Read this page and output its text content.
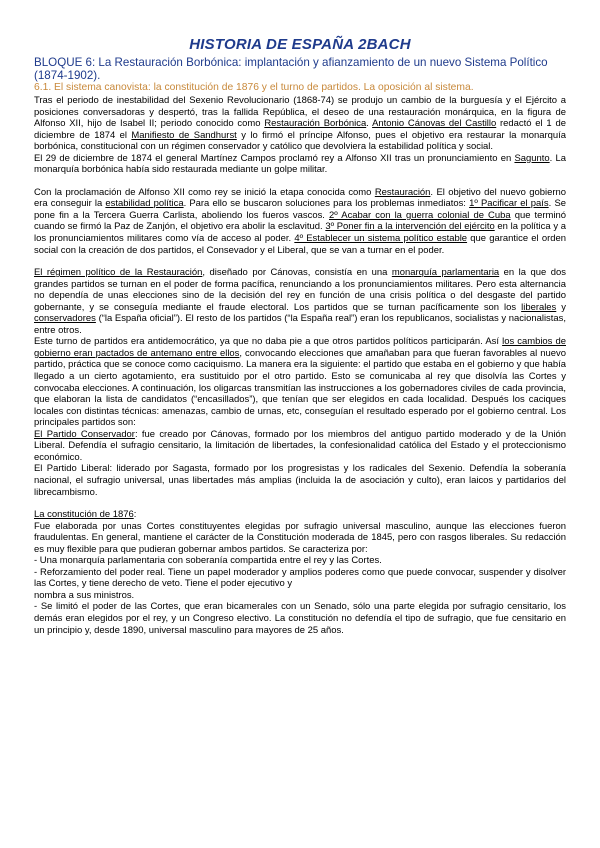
HISTORIA DE ESPAÑA 2BACH
BLOQUE 6: La Restauración Borbónica: implantación y afianzamiento de un nuevo Sistema Político (1874-1902).
6.1. El sistema canovista: la constitución de 1876 y el turno de partidos. La oposición al sistema.

Tras el periodo de inestabilidad del Sexenio Revolucionario (1868-74) se produjo un cambio de la burguesía y el Ejército a posiciones conversadoras y despertó, tras la fallida República, el deseo de una restauración monárquica, en la figura de Alfonso XII, hijo de Isabel II; periodo conocido como Restauración Borbónica. Antonio Cánovas del Castillo redactó el 1 de diciembre de 1874 el Manifiesto de Sandhurst y lo firmó el príncipe Alfonso, pues el objetivo era restaurar la monarquía borbónica, constitucional con un régimen conservador y católico que devolviera la estabilidad política y social.

El 29 de diciembre de 1874 el general Martínez Campos proclamó rey a Alfonso XII tras un pronunciamiento en Sagunto. La monarquía borbónica había sido restaurada mediante un golpe militar.

Con la proclamación de Alfonso XII como rey se inició la etapa conocida como Restauración. El objetivo del nuevo gobierno era conseguir la estabilidad política. Para ello se buscaron soluciones para los problemas inmediatos: 1º Pacificar el país. Se pone fin a la Tercera Guerra Carlista, aboliendo los fueros vascos. 2º Acabar con la guerra colonial de Cuba que terminó cuando se firmó la Paz de Zanjón, el objetivo era abolir la esclavitud. 3º Poner fin a la intervención del ejército en la política y a los pronunciamientos militares como vía de acceso al poder. 4º Establecer un sistema político estable que garantice el orden social con la creación de dos partidos, el Consevador y el Liberal, que se van a turnar en el poder.

El régimen político de la Restauración, diseñado por Cánovas, consistía en una monarquía parlamentaria en la que dos grandes partidos se turnan en el poder de forma pacífica, renunciando a los pronunciamientos militares. Pero esta alternancia no dependía de unas elecciones sino de la decisión del rey en función de una crisis política o del desgaste del partido gobernante, y se conseguía mediante el fraude electoral. Los partidos que se turnan pacíficamente son los liberales y conservadores (“la España oficial”). El resto de los partidos (“la España real”) eran los republicanos, socialistas y nacionalistas, entre otros.

Este turno de partidos era antidemocrático, ya que no daba pie a que otros partidos políticos participarán. Así los cambios de gobierno eran pactados de antemano entre ellos, convocando elecciones que amañaban para que fueran favorables al nuevo partido, práctica que se conoce como caciquismo. La manera era la siguiente: el partido que estaba en el gobierno y que había llegado a un cierto agotamiento, era sustituido por el otro partido. Esto se comunicaba al rey que disolvía las Cortes y convocaba elecciones. A continuación, los oligarcas transmitían las instrucciones a los gobernadores civiles de cada provincia, que elaboran la lista de candidatos (“encasillados”), que tenían que ser elegidos en cada localidad. Después los caciques locales con distintas técnicas: amenazas, cambio de urnas, etc, conseguían el resultado esperado por el gobierno central. Los principales partidos son:

El Partido Conservador: fue creado por Cánovas, formado por los miembros del antiguo partido moderado y de la Unión Liberal. Defendía el sufragio censitario, la limitación de libertades, la confesionalidad católica del Estado y el proteccionismo económico.

El Partido Liberal: liderado por Sagasta, formado por los progresistas y los radicales del Sexenio. Defendía la soberanía nacional, el sufragio universal, unas libertades más amplias (incluida la de asociación y culto), eran laicos y partidarios del librecambismo.

La constitución de 1876:

Fue elaborada por unas Cortes constituyentes elegidas por sufragio universal masculino, aunque las elecciones fueron fraudulentas. En general, mantiene el carácter de la Constitución moderada de 1845, pero con rasgos liberales. Su redacción es muy flexible para que pudieran gobernar ambos partidos. Se caracteriza por:

- Una monarquía parlamentaria con soberanía compartida entre el rey y las Cortes.

- Reforzamiento del poder real. Tiene un papel moderador y amplios poderes como que puede convocar, suspender y disolver las Cortes, y tiene derecho de veto. Tiene el poder ejecutivo y

nombra a sus ministros.

- Se limitó el poder de las Cortes, que eran bicamerales con un Senado, sólo una parte elegida por sufragio censitario, los demás eran elegidos por el rey, y un Congreso electivo. La constitución no defendía el tipo de sufragio, que fue censitario en un principio y, desde 1890, universal masculino para mayores de 25 años.
